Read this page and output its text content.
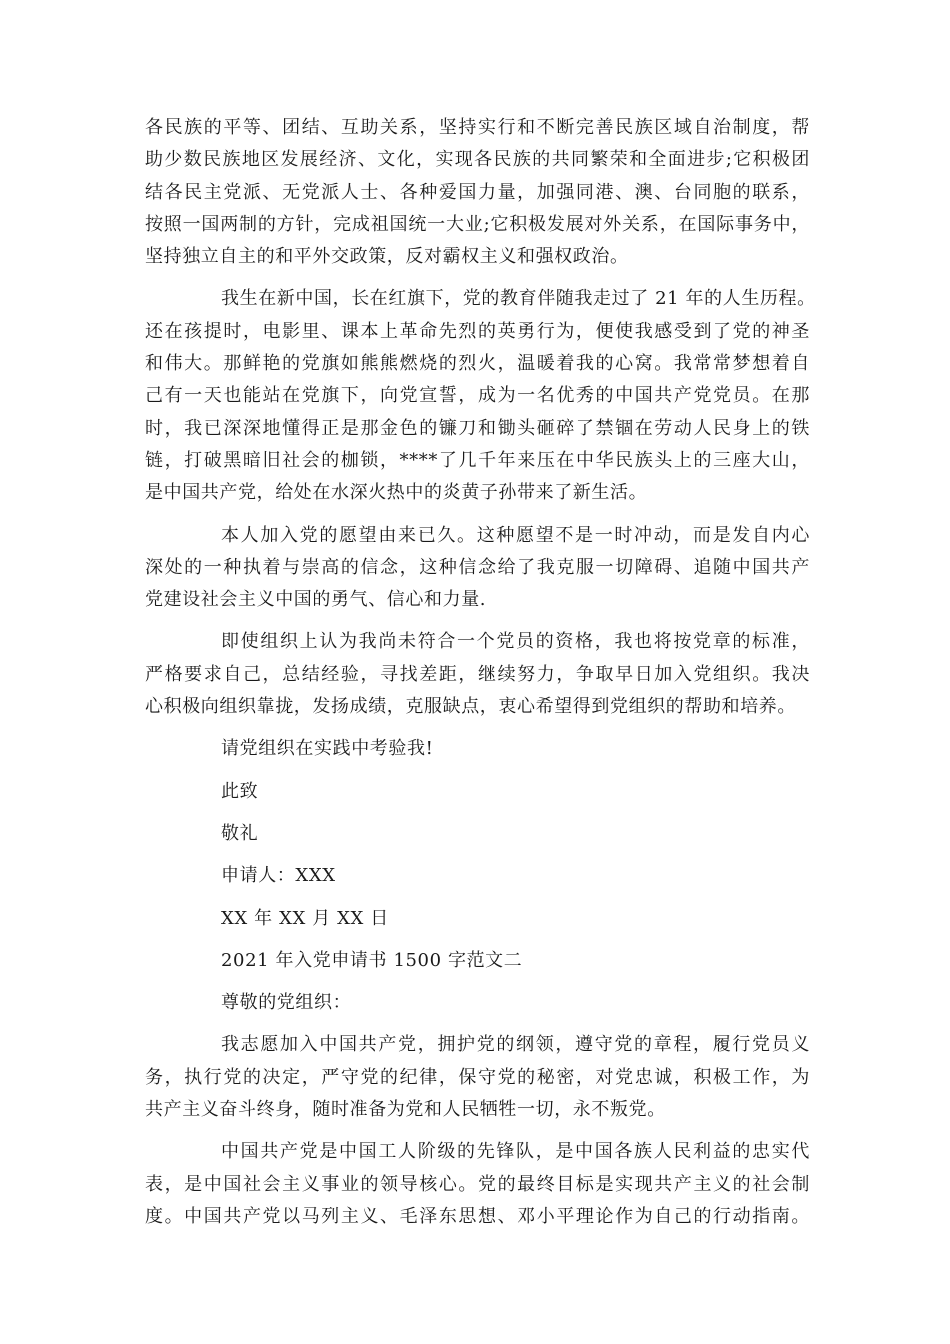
各民族的平等、团结、互助关系，坚持实行和不断完善民族区域自治制度，帮
助少数民族地区发展经济、文化，实现各民族的共同繁荣和全面进步;它积极团
结各民主党派、无党派人士、各种爱国力量，加强同港、澳、台同胞的联系，
按照一国两制的方针，完成祖国统一大业;它积极发展对外关系，在国际事务中，
坚持独立自主的和平外交政策，反对霸权主义和强权政治。

我生在新中国，长在红旗下，党的教育伴随我走过了 21 年的人生历程。
还在孩提时，电影里、课本上革命先烈的英勇行为，便使我感受到了党的神圣
和伟大。那鲜艳的党旗如熊熊燃烧的烈火，温暖着我的心窝。我常常梦想着自
己有一天也能站在党旗下，向党宣誓，成为一名优秀的中国共产党党员。在那
时，我已深深地懂得正是那金色的镰刀和锄头砸碎了禁锢在劳动人民身上的铁
链，打破黑暗旧社会的枷锁，****了几千年来压在中华民族头上的三座大山，
是中国共产党，给处在水深火热中的炎黄子孙带来了新生活。

本人加入党的愿望由来已久。这种愿望不是一时冲动，而是发自内心
深处的一种执着与崇高的信念，这种信念给了我克服一切障碍、追随中国共产
党建设社会主义中国的勇气、信心和力量.

即使组织上认为我尚未符合一个党员的资格，我也将按党章的标准，
严格要求自己，总结经验，寻找差距，继续努力，争取早日加入党组织。我决
心积极向组织靠拢，发扬成绩，克服缺点，衷心希望得到党组织的帮助和培养。

请党组织在实践中考验我!

此致

敬礼

申请人：XXX

XX 年 XX 月 XX 日

2021 年入党申请书 1500 字范文二

尊敬的党组织：

我志愿加入中国共产党，拥护党的纲领，遵守党的章程，履行党员义
务，执行党的决定，严守党的纪律，保守党的秘密，对党忠诚，积极工作，为
共产主义奋斗终身，随时准备为党和人民牺牲一切，永不叛党。

中国共产党是中国工人阶级的先锋队，是中国各族人民利益的忠实代
表，是中国社会主义事业的领导核心。党的最终目标是实现共产主义的社会制
度。中国共产党以马列主义、毛泽东思想、邓小平理论作为自己的行动指南。
